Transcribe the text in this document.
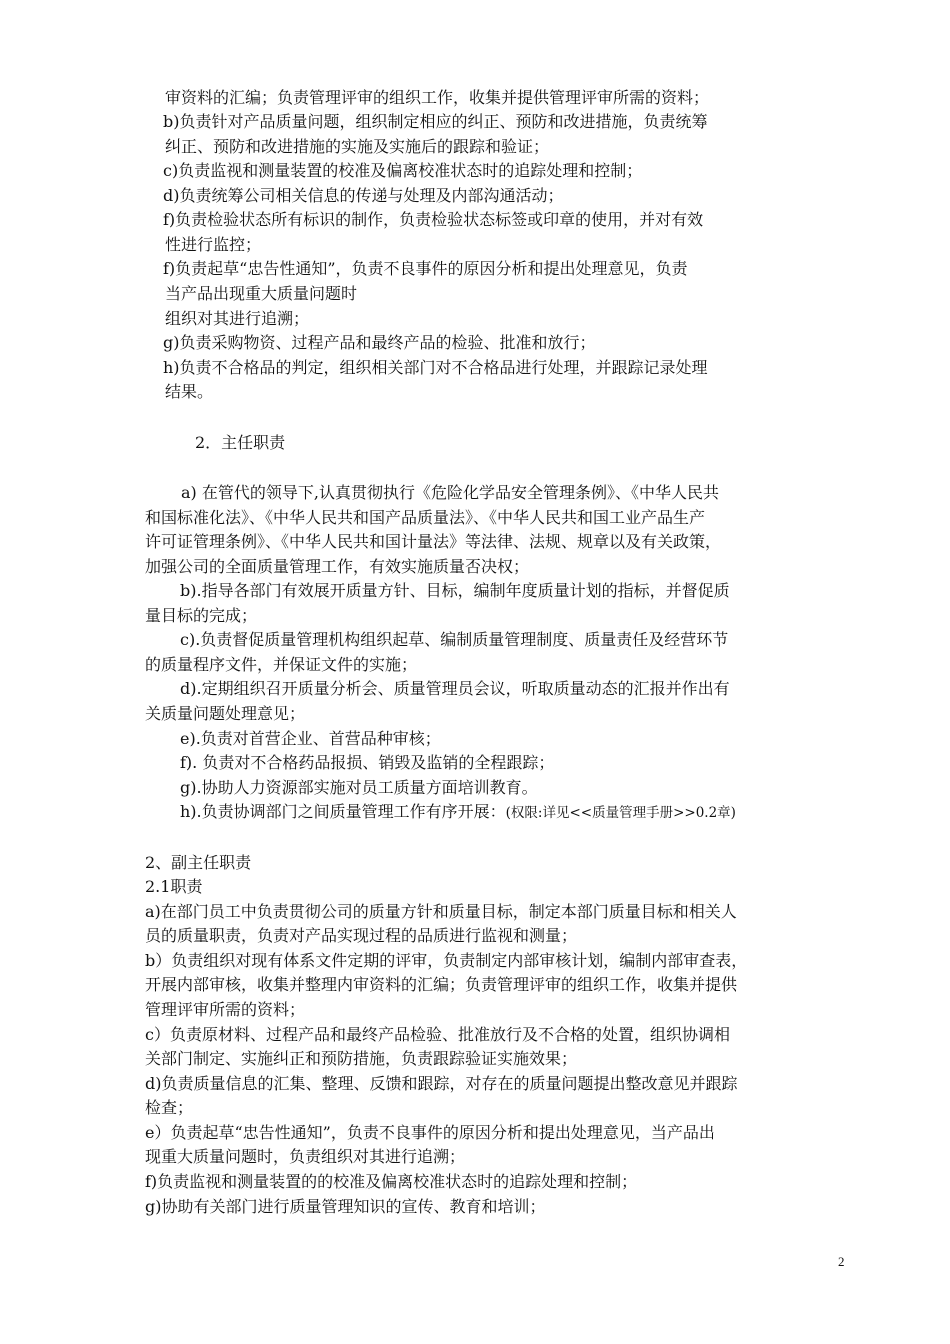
审资料的汇编；负责管理评审的组织工作，收集并提供管理评审所需的资料；
b)负责针对产品质量问题，组织制定相应的纠正、预防和改进措施，负责统筹
纠正、预防和改进措施的实施及实施后的跟踪和验证；
c)负责监视和测量装置的校准及偏离校准状态时的追踪处理和控制；
d)负责统筹公司相关信息的传递与处理及内部沟通活动；
f)负责检验状态所有标识的制作，负责检验状态标签或印章的使用，并对有效
性进行监控；
f)负责起草“忠告性通知”，负责不良事件的原因分析和提出处理意见，负责
当产品出现重大质量问题时
组织对其进行追溯；
g)负责采购物资、过程产品和最终产品的检验、批准和放行；
h)负责不合格品的判定，组织相关部门对不合格品进行处理，并跟踪记录处理
结果。
2．主任职责
a) 在管代的领导下,认真贯彻执行《危险化学品安全管理条例》、《中华人民共
和国标准化法》、《中华人民共和国产品质量法》、《中华人民共和国工业产品生产
许可证管理条例》、《中华人民共和国计量法》等法律、法规、规章以及有关政策，
加强公司的全面质量管理工作，有效实施质量否决权；
b).指导各部门有效展开质量方针、目标，编制年度质量计划的指标，并督促质
量目标的完成；
c).负责督促质量管理机构组织起草、编制质量管理制度、质量责任及经营环节
的质量程序文件，并保证文件的实施；
d).定期组织召开质量分析会、质量管理员会议，听取质量动态的汇报并作出有
关质量问题处理意见；
e).负责对首营企业、首营品种审核；
f). 负责对不合格药品报损、销毁及监销的全程跟踪；
g).协助人力资源部实施对员工质量方面培训教育。
h).负责协调部门之间质量管理工作有序开展：(权限:详见<<质量管理手册>>0.2章)
2、副主任职责
2.1职责
a)在部门员工中负责贯彻公司的质量方针和质量目标，制定本部门质量目标和相关人
员的质量职责，负责对产品实现过程的品质进行监视和测量；
b）负责组织对现有体系文件定期的评审，负责制定内部审核计划，编制内部审查表，
开展内部审核，收集并整理内审资料的汇编；负责管理评审的组织工作，收集并提供
管理评审所需的资料；
c）负责原材料、过程产品和最终产品检验、批准放行及不合格的处置，组织协调相
关部门制定、实施纠正和预防措施，负责跟踪验证实施效果；
d)负责质量信息的汇集、整理、反馈和跟踪，对存在的质量问题提出整改意见并跟踪
检查；
e）负责起草“忠告性通知”，负责不良事件的原因分析和提出处理意见，当产品出
现重大质量问题时，负责组织对其进行追溯；
f)负责监视和测量装置的的校准及偏离校准状态时的追踪处理和控制；
g)协助有关部门进行质量管理知识的宣传、教育和培训；
2
